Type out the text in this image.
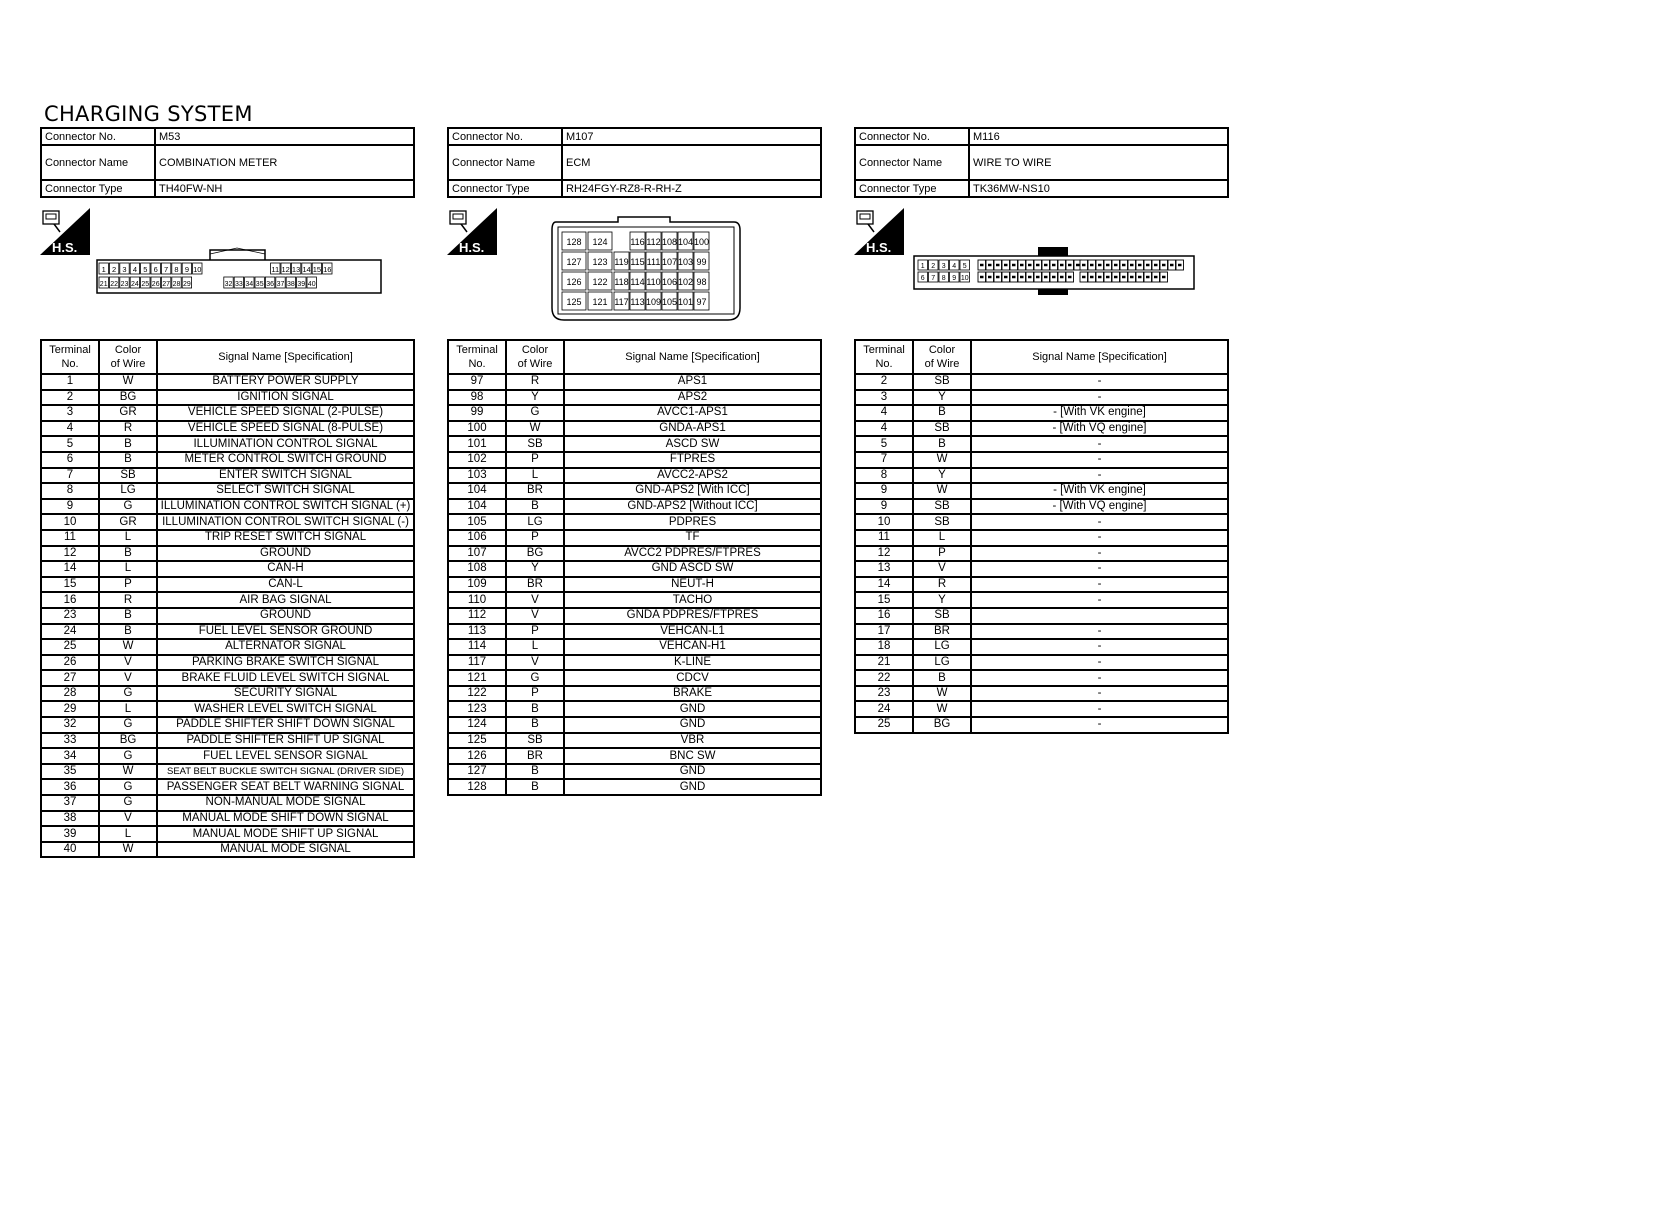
CHARGING SYSTEM
Connector No.	M53
Connector Name	COMBINATION METER
Connector Type	TH40FW-NH
Connector No.	M107
Connector Name	ECM
Connector Type	RH24FGY-RZ8-R-RH-Z
Connector No.	M116
Connector Name	WIRE TO WIRE
Connector Type	TK36MW-NS10
H.S.	H.S.	H.S.
1 2 3 4 5 6 7 8 9 10	11 12 13 14 15 16
21 22 23 24 25 26 27 28 29	32 33 34 35 36 37 38 39 40
128 124	116 112 108 104 100
127 123 119 115 111 107 103 99
126 122 118 114 110 106 102 98
125 121 117 113 109 105 101 97
1 2 3 4 5
6 7 8 9 10
Terminal
No.	Color
of Wire	Signal Name [Specification]
1	W	BATTERY POWER SUPPLY
2	BG	IGNITION SIGNAL
3	GR	VEHICLE SPEED SIGNAL (2-PULSE)
4	R	VEHICLE SPEED SIGNAL (8-PULSE)
5	B	ILLUMINATION CONTROL SIGNAL
6	B	METER CONTROL SWITCH GROUND
7	SB	ENTER SWITCH SIGNAL
8	LG	SELECT SWITCH SIGNAL
9	G	ILLUMINATION CONTROL SWITCH SIGNAL (+)
10	GR	ILLUMINATION CONTROL SWITCH SIGNAL (-)
11	L	TRIP RESET SWITCH SIGNAL
12	B	GROUND
14	L	CAN-H
15	P	CAN-L
16	R	AIR BAG SIGNAL
23	B	GROUND
24	B	FUEL LEVEL SENSOR GROUND
25	W	ALTERNATOR SIGNAL
26	V	PARKING BRAKE SWITCH SIGNAL
27	V	BRAKE FLUID LEVEL SWITCH SIGNAL
28	G	SECURITY SIGNAL
29	L	WASHER LEVEL SWITCH SIGNAL
32	G	PADDLE SHIFTER SHIFT DOWN SIGNAL
33	BG	PADDLE SHIFTER SHIFT UP SIGNAL
34	G	FUEL LEVEL SENSOR SIGNAL
35	W	SEAT BELT BUCKLE SWITCH SIGNAL (DRIVER SIDE)
36	G	PASSENGER SEAT BELT WARNING SIGNAL
37	G	NON-MANUAL MODE SIGNAL
38	V	MANUAL MODE SHIFT DOWN SIGNAL
39	L	MANUAL MODE SHIFT UP SIGNAL
40	W	MANUAL MODE SIGNAL
Terminal
No.	Color
of Wire	Signal Name [Specification]
97	R	APS1
98	Y	APS2
99	G	AVCC1-APS1
100	W	GNDA-APS1
101	SB	ASCD SW
102	P	FTPRES
103	L	AVCC2-APS2
104	BR	GND-APS2 [With ICC]
104	B	GND-APS2 [Without ICC]
105	LG	PDPRES
106	P	TF
107	BG	AVCC2 PDPRES/FTPRES
108	Y	GND ASCD SW
109	BR	NEUT-H
110	V	TACHO
112	V	GNDA PDPRES/FTPRES
113	P	VEHCAN-L1
114	L	VEHCAN-H1
117	V	K-LINE
121	G	CDCV
122	P	BRAKE
123	B	GND
124	B	GND
125	SB	VBR
126	BR	BNC SW
127	B	GND
128	B	GND
Terminal
No.	Color
of Wire	Signal Name [Specification]
2	SB	-
3	Y	-
4	B	- [With VK engine]
4	SB	- [With VQ engine]
5	B	-
7	W	-
8	Y	-
9	W	- [With VK engine]
9	SB	- [With VQ engine]
10	SB	-
11	L	-
12	P	-
13	V	-
14	R	-
15	Y	-
16	SB	
17	BR	-
18	LG	-
21	LG	-
22	B	-
23	W	-
24	W	-
25	BG	-
